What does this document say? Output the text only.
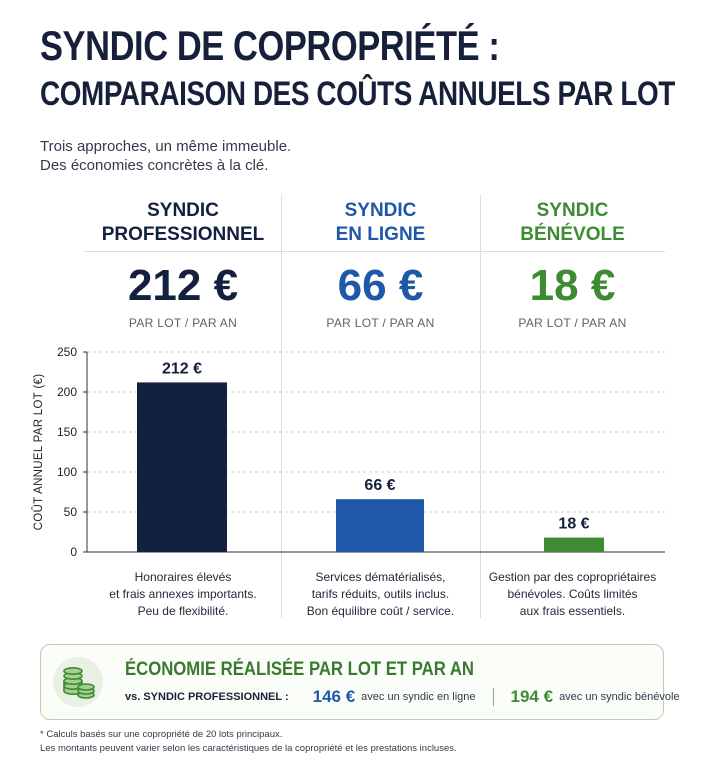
SYNDIC DE COPROPRIÉTÉ :
COMPARAISON DES COÛTS ANNUELS PAR LOT
Trois approches, un même immeuble.
Des économies concrètes à la clé.
SYNDIC
PROFESSIONNEL
212 €
PAR LOT / PAR AN
Honoraires élevés
et frais annexes importants.
Peu de flexibilité.
SYNDIC
EN LIGNE
66 €
PAR LOT / PAR AN
Services dématérialisés,
tarifs réduits, outils inclus.
Bon équilibre coût / service.
SYNDIC
BÉNÉVOLE
18 €
PAR LOT / PAR AN
Gestion par des copropriétaires
bénévoles. Coûts limités
aux frais essentiels.
0
50
100
150
200
250
COÛT ANNUEL PAR LOT (€)
212 €
66 €
18 €
ÉCONOMIE RÉALISÉE PAR LOT ET PAR AN
vs. SYNDIC PROFESSIONNEL : 146 € avec un syndic en ligne 194 € avec un syndic bénévole
* Calculs basés sur une copropriété de 20 lots principaux.
Les montants peuvent varier selon les caractéristiques de la copropriété et les prestations incluses.
